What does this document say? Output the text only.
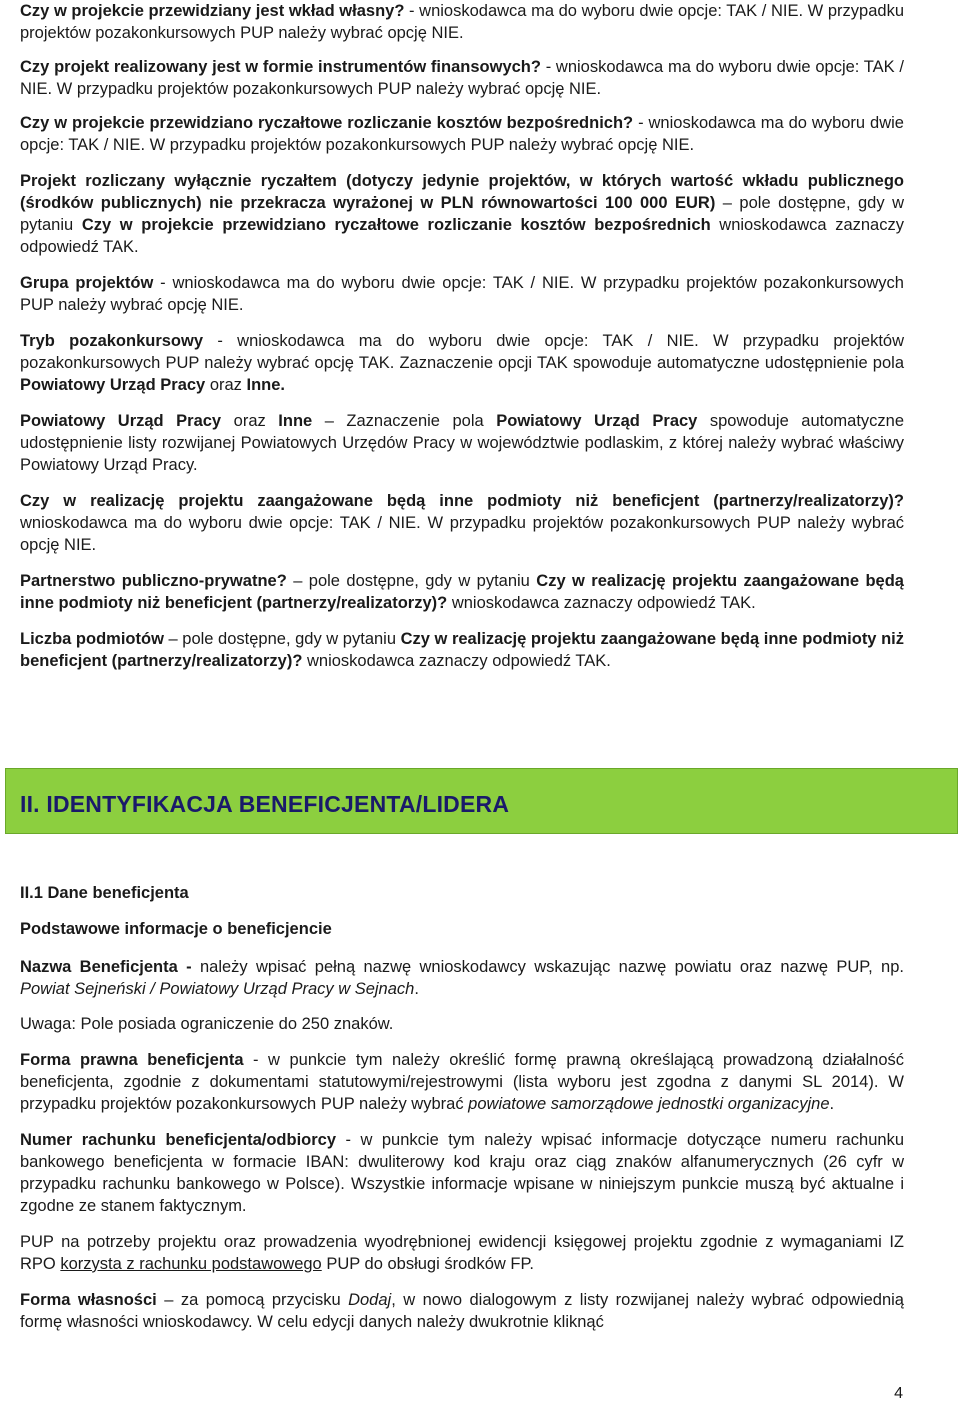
Czy w projekcie przewidziany jest wkład własny? - wnioskodawca ma do wyboru dwie opcje: TAK / NIE. W przypadku projektów pozakonkursowych PUP należy wybrać opcję NIE.

Czy projekt realizowany jest w formie instrumentów finansowych? - wnioskodawca ma do wyboru dwie opcje: TAK / NIE. W przypadku projektów pozakonkursowych PUP należy wybrać opcję NIE.

Czy w projekcie przewidziano ryczałtowe rozliczanie kosztów bezpośrednich? - wnioskodawca ma do wyboru dwie opcje: TAK / NIE. W przypadku projektów pozakonkursowych PUP należy wybrać opcję NIE.

Projekt rozliczany wyłącznie ryczałtem (dotyczy jedynie projektów, w których wartość wkładu publicznego (środków publicznych) nie przekracza wyrażonej w PLN równowartości 100 000 EUR) – pole dostępne, gdy w pytaniu Czy w projekcie przewidziano ryczałtowe rozliczanie kosztów bezpośrednich wnioskodawca zaznaczy odpowiedź TAK.

Grupa projektów - wnioskodawca ma do wyboru dwie opcje: TAK / NIE. W przypadku projektów pozakonkursowych PUP należy wybrać opcję NIE.

Tryb pozakonkursowy - wnioskodawca ma do wyboru dwie opcje: TAK / NIE. W przypadku projektów pozakonkursowych PUP należy wybrać opcję TAK. Zaznaczenie opcji TAK spowoduje automatyczne udostępnienie pola Powiatowy Urząd Pracy oraz Inne.

Powiatowy Urząd Pracy oraz Inne – Zaznaczenie pola Powiatowy Urząd Pracy spowoduje automatyczne udostępnienie listy rozwijanej Powiatowych Urzędów Pracy w województwie podlaskim, z której należy wybrać właściwy Powiatowy Urząd Pracy.

Czy w realizację projektu zaangażowane będą inne podmioty niż beneficjent (partnerzy/realizatorzy)? wnioskodawca ma do wyboru dwie opcje: TAK / NIE. W przypadku projektów pozakonkursowych PUP należy wybrać opcję NIE.

Partnerstwo publiczno-prywatne? – pole dostępne, gdy w pytaniu Czy w realizację projektu zaangażowane będą inne podmioty niż beneficjent (partnerzy/realizatorzy)? wnioskodawca zaznaczy odpowiedź TAK.

Liczba podmiotów – pole dostępne, gdy w pytaniu Czy w realizację projektu zaangażowane będą inne podmioty niż beneficjent (partnerzy/realizatorzy)? wnioskodawca zaznaczy odpowiedź TAK.

II. IDENTYFIKACJA BENEFICJENTA/LIDERA

II.1 Dane beneficjenta

Podstawowe informacje o beneficjencie

Nazwa Beneficjenta - należy wpisać pełną nazwę wnioskodawcy wskazując nazwę powiatu oraz nazwę PUP, np. Powiat Sejneński / Powiatowy Urząd Pracy w Sejnach.

Uwaga: Pole posiada ograniczenie do 250 znaków.

Forma prawna beneficjenta - w punkcie tym należy określić formę prawną określającą prowadzoną działalność beneficjenta, zgodnie z dokumentami statutowymi/rejestrowymi (lista wyboru jest zgodna z danymi SL 2014). W przypadku projektów pozakonkursowych PUP należy wybrać powiatowe samorządowe jednostki organizacyjne.

Numer rachunku beneficjenta/odbiorcy - w punkcie tym należy wpisać informacje dotyczące numeru rachunku bankowego beneficjenta w formacie IBAN: dwuliterowy kod kraju oraz ciąg znaków alfanumerycznych (26 cyfr w przypadku rachunku bankowego w Polsce). Wszystkie informacje wpisane w niniejszym punkcie muszą być aktualne i zgodne ze stanem faktycznym.

PUP na potrzeby projektu oraz prowadzenia wyodrębnionej ewidencji księgowej projektu zgodnie z wymaganiami IZ RPO korzysta z rachunku podstawowego PUP do obsługi środków FP.

Forma własności – za pomocą przycisku Dodaj, w nowo dialogowym z listy rozwijanej należy wybrać odpowiednią formę własności wnioskodawcy. W celu edycji danych należy dwukrotnie kliknąć

4
